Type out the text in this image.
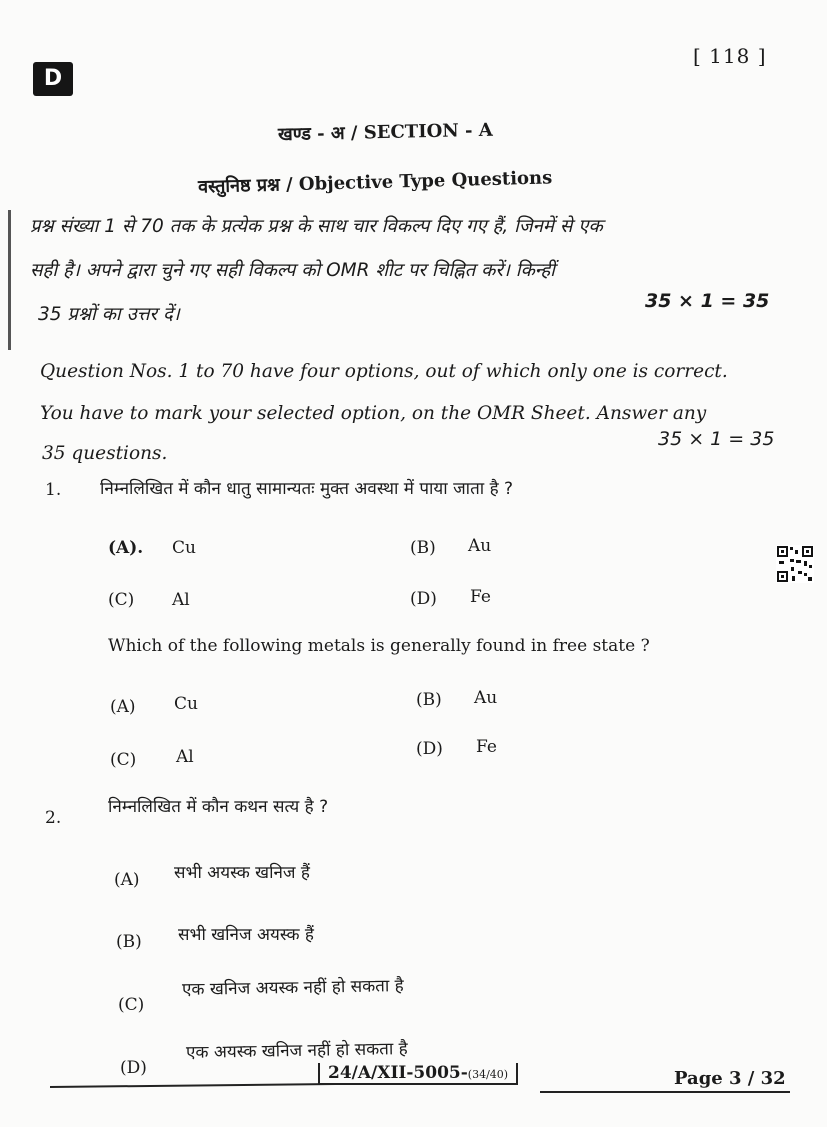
D
[ 118 ]
खण्ड - अ / SECTION - A
वस्तुनिष्ठ प्रश्न / Objective Type Questions
प्रश्न संख्या 1 से 70 तक के प्रत्येक प्रश्न के साथ चार विकल्प दिए गए हैं, जिनमें से एक
सही है। अपने द्वारा चुने गए सही विकल्प को OMR शीट पर चिह्नित करें। किन्हीं
35 प्रश्नों का उत्तर दें।
35 × 1 = 35
Question Nos. 1 to 70 have four options, out of which only one is correct.
You have to mark your selected option, on the OMR Sheet. Answer any
35 questions.
35 × 1 = 35
1. निम्नलिखित में कौन धातु सामान्यतः मुक्त अवस्था में पाया जाता है ?
(A). Cu	(B) Au
(C) Al	(D) Fe
Which of the following metals is generally found in free state ?
(A) Cu	(B) Au
(C) Al	(D) Fe
2.
निम्नलिखित में कौन कथन सत्य है ?
(A) सभी अयस्क खनिज हैं
(B) सभी खनिज अयस्क हैं
(C)
एक खनिज अयस्क नहीं हो सकता है
(D)
एक अयस्क खनिज नहीं हो सकता है
24/A/XII-5005-(34/40)	Page 3 / 32
